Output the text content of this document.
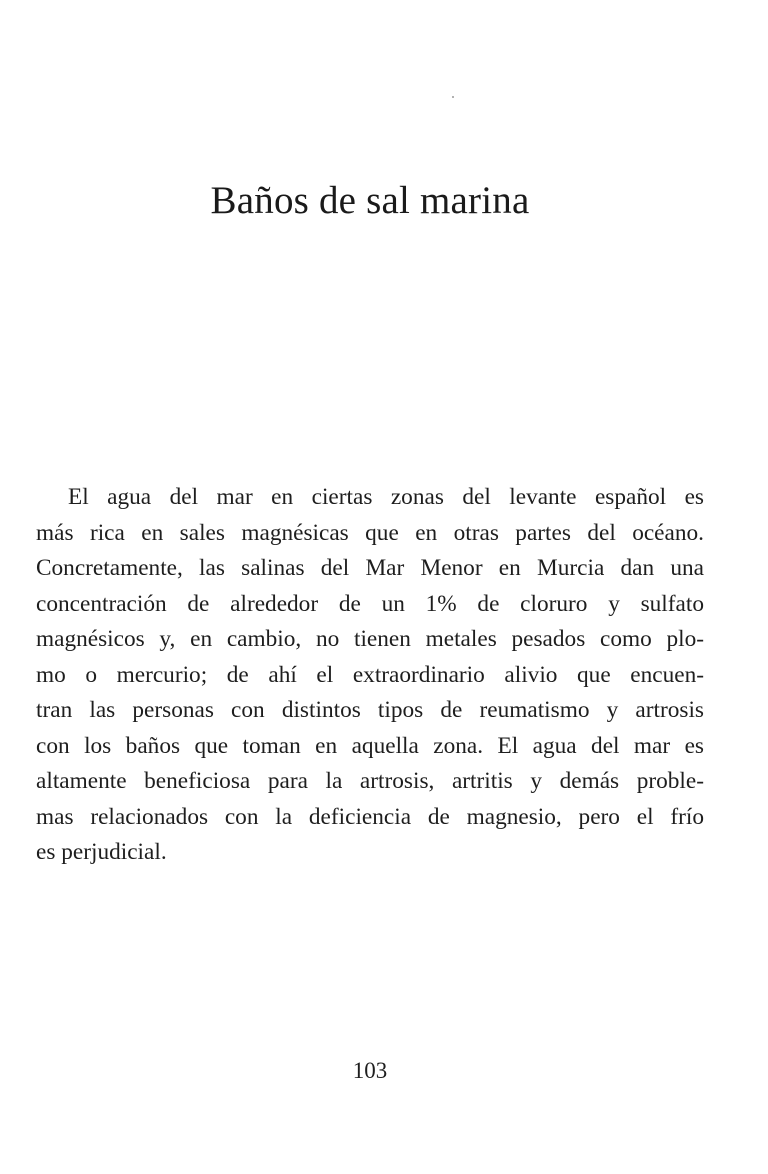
Baños de sal marina

El agua del mar en ciertas zonas del levante español es
más rica en sales magnésicas que en otras partes del océano.
Concretamente, las salinas del Mar Menor en Murcia dan una
concentración de alrededor de un 1% de cloruro y sulfato
magnésicos y, en cambio, no tienen metales pesados como plo-
mo o mercurio; de ahí el extraordinario alivio que encuen-
tran las personas con distintos tipos de reumatismo y artrosis
con los baños que toman en aquella zona. El agua del mar es
altamente beneficiosa para la artrosis, artritis y demás proble-
mas relacionados con la deficiencia de magnesio, pero el frío
es perjudicial.

103
